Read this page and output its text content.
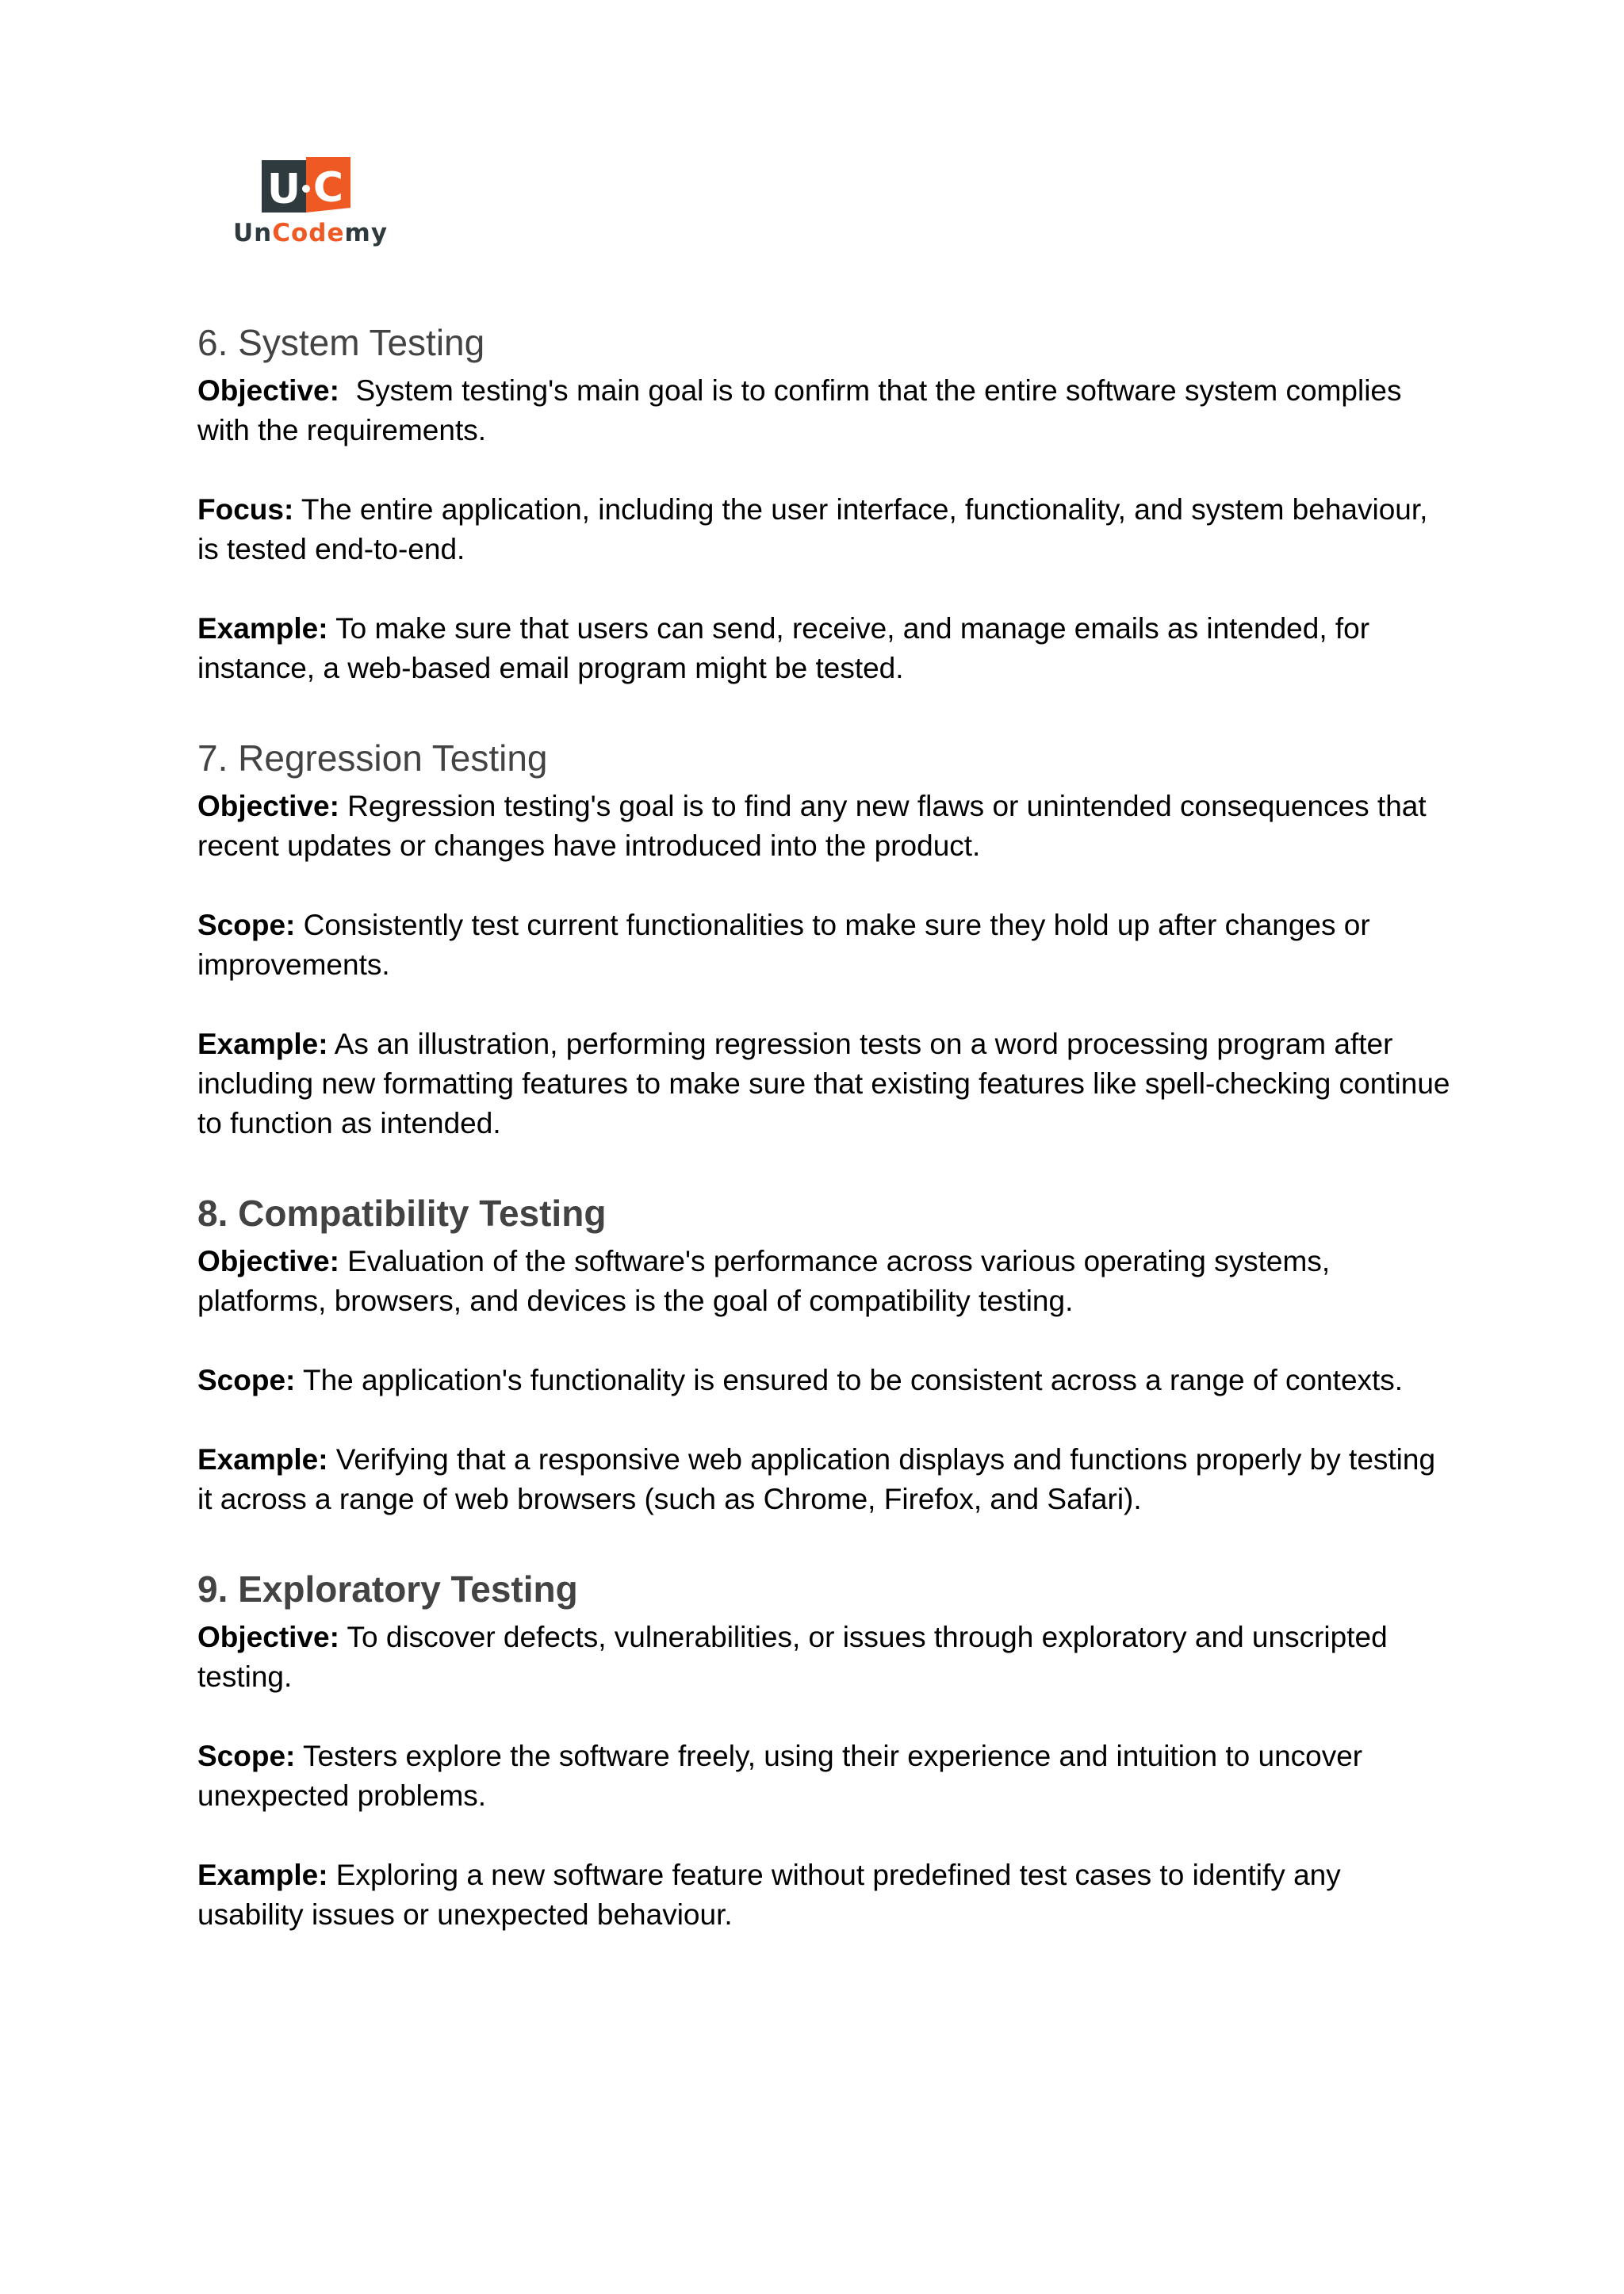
U C
UnCodemy
6. System Testing

Objective:  System testing's main goal is to confirm that the entire software system complies with the requirements.

Focus: The entire application, including the user interface, functionality, and system behaviour, is tested end-to-end.

Example: To make sure that users can send, receive, and manage emails as intended, for instance, a web-based email program might be tested.

7. Regression Testing

Objective: Regression testing's goal is to find any new flaws or unintended consequences that recent updates or changes have introduced into the product.

Scope: Consistently test current functionalities to make sure they hold up after changes or improvements.

Example: As an illustration, performing regression tests on a word processing program after including new formatting features to make sure that existing features like spell-checking continue to function as intended.

8. Compatibility Testing

Objective: Evaluation of the software's performance across various operating systems, platforms, browsers, and devices is the goal of compatibility testing.

Scope: The application's functionality is ensured to be consistent across a range of contexts.

Example: Verifying that a responsive web application displays and functions properly by testing it across a range of web browsers (such as Chrome, Firefox, and Safari).

9. Exploratory Testing

Objective: To discover defects, vulnerabilities, or issues through exploratory and unscripted testing.

Scope: Testers explore the software freely, using their experience and intuition to uncover unexpected problems.

Example: Exploring a new software feature without predefined test cases to identify any usability issues or unexpected behaviour.
